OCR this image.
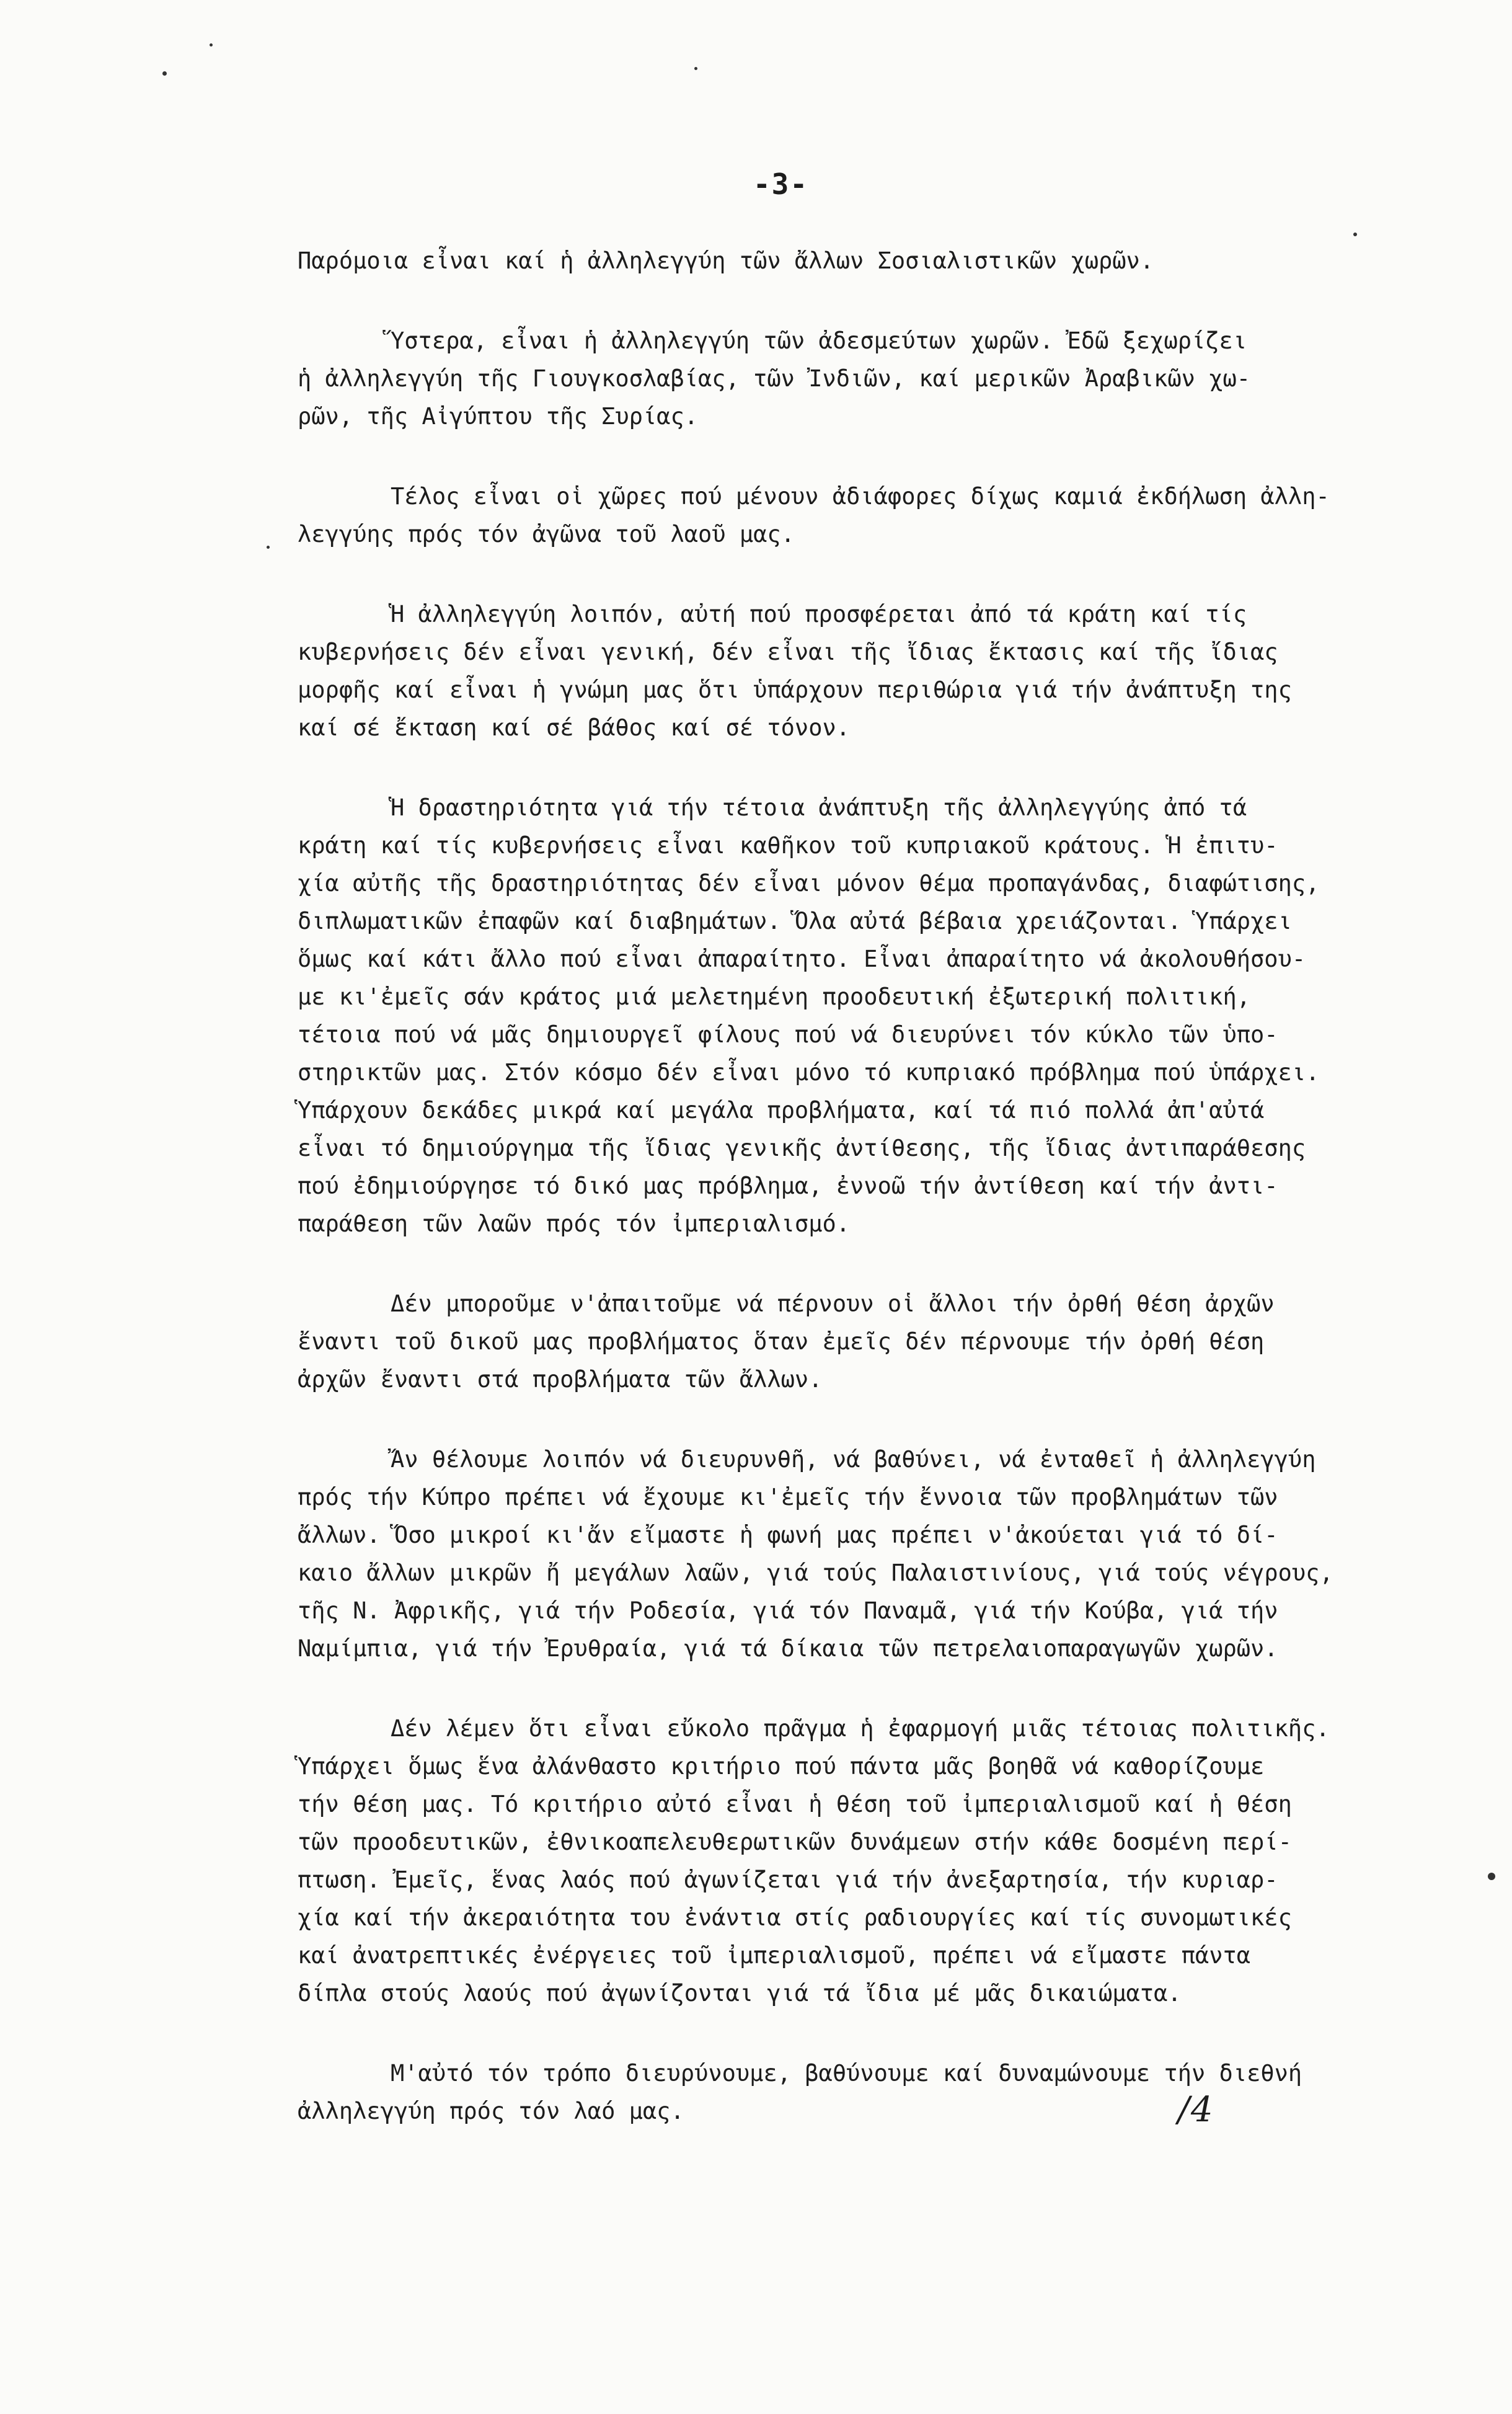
-3-
Παρόμοια εἶναι καί ἡ ἀλληλεγγύη τῶν ἄλλων Σοσιαλιστικῶν χωρῶν.
Ὕστερα, εἶναι ἡ ἀλληλεγγύη τῶν ἀδεσμεύτων χωρῶν. Ἐδῶ ξεχωρίζει
ἡ ἀλληλεγγύη τῆς Γιουγκοσλαβίας, τῶν Ἰνδιῶν, καί μερικῶν Ἀραβικῶν χω-
ρῶν, τῆς Αἰγύπτου τῆς Συρίας.
Τέλος εἶναι οἱ χῶρες πού μένουν ἀδιάφορες δίχως καμιά ἐκδήλωση ἀλλη-
λεγγύης πρός τόν ἀγῶνα τοῦ λαοῦ μας.
Ἡ ἀλληλεγγύη λοιπόν, αὐτή πού προσφέρεται ἀπό τά κράτη καί τίς
κυβερνήσεις δέν εἶναι γενική, δέν εἶναι τῆς ἴδιας ἔκτασις καί τῆς ἴδιας
μορφῆς καί εἶναι ἡ γνώμη μας ὅτι ὑπάρχουν περιθώρια γιά τήν ἀνάπτυξη της
καί σέ ἔκταση καί σέ βάθος καί σέ τόνον.
Ἡ δραστηριότητα γιά τήν τέτοια ἀνάπτυξη τῆς ἀλληλεγγύης ἀπό τά
κράτη καί τίς κυβερνήσεις εἶναι καθῆκον τοῦ κυπριακοῦ κράτους. Ἡ ἐπιτυ-
χία αὐτῆς τῆς δραστηριότητας δέν εἶναι μόνον θέμα προπαγάνδας, διαφώτισης,
διπλωματικῶν ἐπαφῶν καί διαβημάτων. Ὅλα αὐτά βέβαια χρειάζονται. Ὑπάρχει
ὅμως καί κάτι ἄλλο πού εἶναι ἀπαραίτητο. Εἶναι ἀπαραίτητο νά ἀκολουθήσου-
με κι'ἐμεῖς σάν κράτος μιά μελετημένη προοδευτική ἐξωτερική πολιτική,
τέτοια πού νά μᾶς δημιουργεῖ φίλους πού νά διευρύνει τόν κύκλο τῶν ὑπο-
στηρικτῶν μας. Στόν κόσμο δέν εἶναι μόνο τό κυπριακό πρόβλημα πού ὑπάρχει.
Ὑπάρχουν δεκάδες μικρά καί μεγάλα προβλήματα, καί τά πιό πολλά ἀπ'αὐτά
εἶναι τό δημιούργημα τῆς ἴδιας γενικῆς ἀντίθεσης, τῆς ἴδιας ἀντιπαράθεσης
πού ἐδημιούργησε τό δικό μας πρόβλημα, ἐννοῶ τήν ἀντίθεση καί τήν ἀντι-
παράθεση τῶν λαῶν πρός τόν ἰμπεριαλισμό.
Δέν μποροῦμε ν'ἀπαιτοῦμε νά πέρνουν οἱ ἄλλοι τήν ὀρθή θέση ἀρχῶν
ἔναντι τοῦ δικοῦ μας προβλήματος ὅταν ἐμεῖς δέν πέρνουμε τήν ὀρθή θέση
ἀρχῶν ἔναντι στά προβλήματα τῶν ἄλλων.
Ἄν θέλουμε λοιπόν νά διευρυνθῆ, νά βαθύνει, νά ἐνταθεῖ ἡ ἀλληλεγγύη
πρός τήν Κύπρο πρέπει νά ἔχουμε κι'ἐμεῖς τήν ἔννοια τῶν προβλημάτων τῶν
ἄλλων. Ὅσο μικροί κι'ἄν εἴμαστε ἡ φωνή μας πρέπει ν'ἀκούεται γιά τό δί-
καιο ἄλλων μικρῶν ἤ μεγάλων λαῶν, γιά τούς Παλαιστινίους, γιά τούς νέγρους,
τῆς Ν. Ἀφρικῆς, γιά τήν Ροδεσία, γιά τόν Παναμᾶ, γιά τήν Κούβα, γιά τήν
Ναμίμπια, γιά τήν Ἐρυθραία, γιά τά δίκαια τῶν πετρελαιοπαραγωγῶν χωρῶν.
Δέν λέμεν ὅτι εἶναι εὔκολο πρᾶγμα ἡ ἐφαρμογή μιᾶς τέτοιας πολιτικῆς.
Ὑπάρχει ὅμως ἕνα ἀλάνθαστο κριτήριο πού πάντα μᾶς βοηθᾶ νά καθορίζουμε
τήν θέση μας. Τό κριτήριο αὐτό εἶναι ἡ θέση τοῦ ἰμπεριαλισμοῦ καί ἡ θέση
τῶν προοδευτικῶν, ἐθνικοαπελευθερωτικῶν δυνάμεων στήν κάθε δοσμένη περί-
πτωση. Ἐμεῖς, ἕνας λαός πού ἀγωνίζεται γιά τήν ἀνεξαρτησία, τήν κυριαρ-
χία καί τήν ἀκεραιότητα του ἐνάντια στίς ραδιουργίες καί τίς συνομωτικές
καί ἀνατρεπτικές ἐνέργειες τοῦ ἰμπεριαλισμοῦ, πρέπει νά εἴμαστε πάντα
δίπλα στούς λαούς πού ἀγωνίζονται γιά τά ἴδια μέ μᾶς δικαιώματα.
Μ'αὐτό τόν τρόπο διευρύνουμε, βαθύνουμε καί δυναμώνουμε τήν διεθνή
ἀλληλεγγύη πρός τόν λαό μας.	/4
